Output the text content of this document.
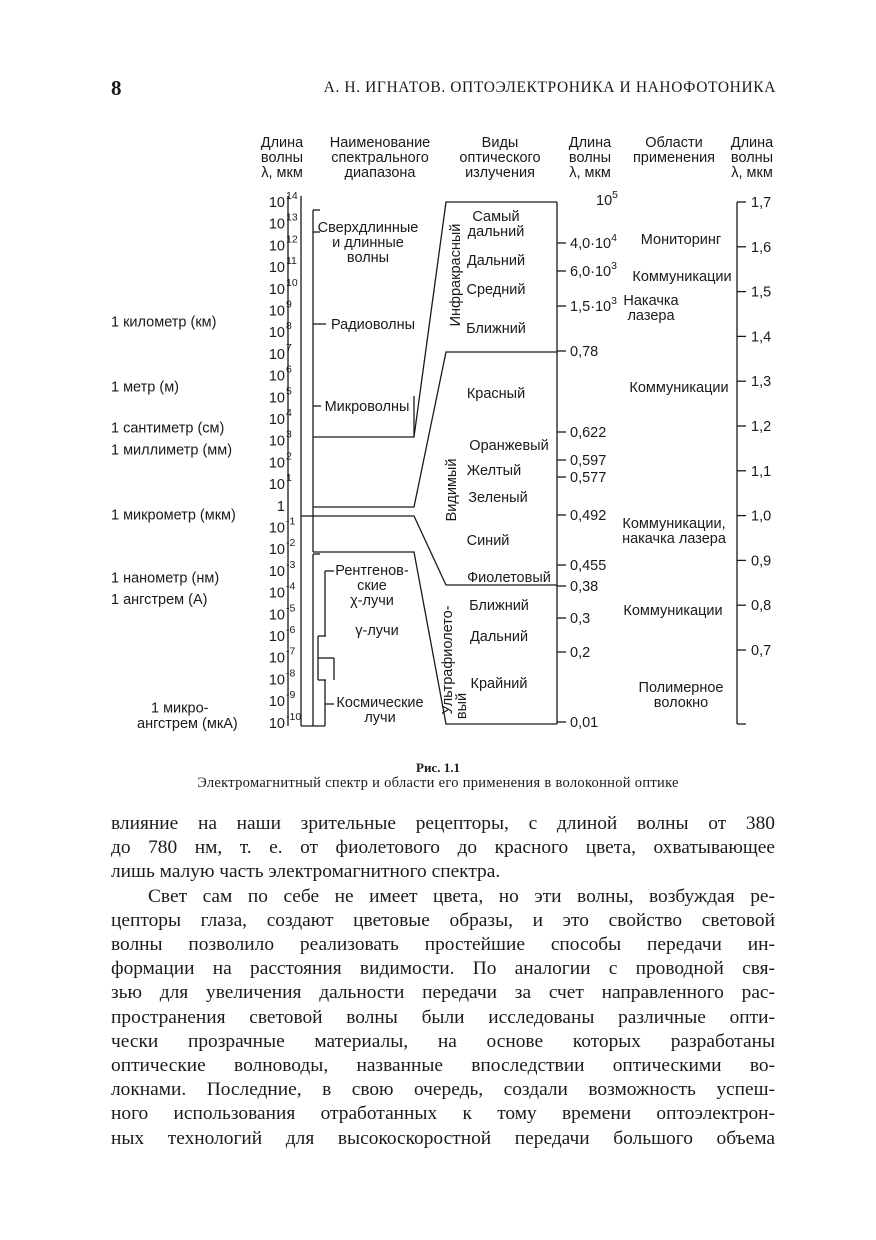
8	А. Н. ИГНАТОВ. ОПТОЭЛЕКТРОНИКА И НАНОФОТОНИКА
Длина
волны
λ, мкм
Наименование
спектрального
диапазона
Виды
оптического
излучения
Длина
волны
λ, мкм
Области
применения
Длина
волны
λ, мкм
10 14
10 13
10 12
10 11
10 10
10 9
10 8
10 7
10 6
10 5
10 4
10 3
10 2
10 1
1
10 -1
10 -2
10 -3
10 -4
10 -5
10 -6
10 -7
10 -8
10 -9
10 -10
1 километр (км)
1 метр (м)
1 сантиметр (см)
1 миллиметр (мм)
1 микрометр (мкм)
1 нанометр (нм)
1 ангстрем (А)
1 микро-
ангстрем (мкА)
Сверхдлинные
и длинные
волны
Радиоволны
Микроволны
Рентгенов-
ские
χ-лучи
γ-лучи
Космические
лучи
Самый
дальний
Дальний
Средний
Ближний
Красный
Оранжевый
Желтый
Зеленый
Синий
Фиолетовый
Ближний
Дальний
Крайний
Инфракрасный
Видимый
Ультрафиолето-
вый
$10^5$
$4,0\cdot 10^4$
$6,0\cdot 10^3$
$1,5\cdot 10^3$
0,78
0,622
0,597
0,577
0,492
0,455
0,38
0,3
0,2
0,01
Мониторинг
Коммуникации
Накачка
лазера
Коммуникации
Коммуникации,
накачка лазера
Коммуникации
Полимерное
волокно
1,7
1,6
1,5
1,4
1,3
1,2
1,1
1,0
0,9
0,8
0,7
Рис. 1.1
Электромагнитный спектр и области его применения в волоконной оптике
влияние на наши зрительные рецепторы, с длиной волны от 380
до 780 нм, т. е. от фиолетового до красного цвета, охватывающее
лишь малую часть электромагнитного спектра.
Свет сам по себе не имеет цвета, но эти волны, возбуждая ре-
цепторы глаза, создают цветовые образы, и это свойство световой
волны позволило реализовать простейшие способы передачи ин-
формации на расстояния видимости. По аналогии с проводной свя-
зью для увеличения дальности передачи за счет направленного рас-
пространения световой волны были исследованы различные опти-
чески прозрачные материалы, на основе которых разработаны
оптические волноводы, названные впоследствии оптическими во-
локнами. Последние, в свою очередь, создали возможность успеш-
ного использования отработанных к тому времени оптоэлектрон-
ных технологий для высокоскоростной передачи большого объема
